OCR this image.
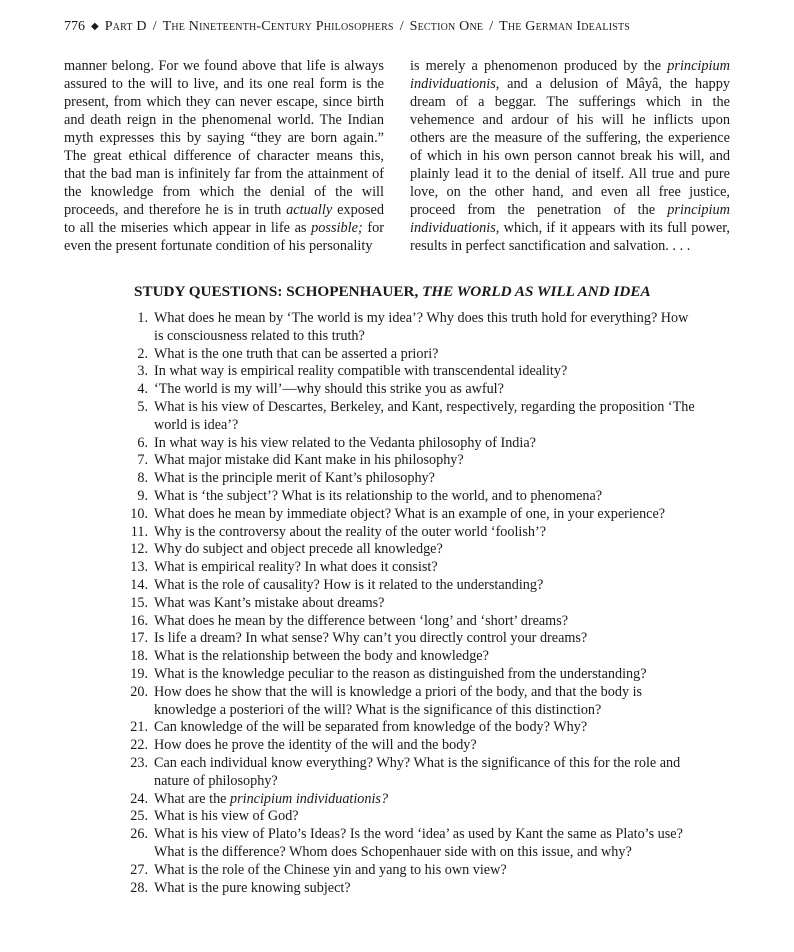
776 ◆ Part D / The Nineteenth-Century Philosophers / Section One / The German Idealists

manner belong. For we found above that life is always assured to the will to live, and its one real form is the present, from which they can never escape, since birth and death reign in the phenomenal world. The Indian myth expresses this by saying “they are born again.” The great ethical difference of character means this, that the bad man is infinitely far from the attainment of the knowledge from which the denial of the will proceeds, and therefore he is in truth actually exposed to all the miseries which appear in life as possible; for even the present fortunate condition of his personality

is merely a phenomenon produced by the principium individuationis, and a delusion of Mâyâ, the happy dream of a beggar. The sufferings which in the vehemence and ardour of his will he inflicts upon others are the measure of the suffering, the experience of which in his own person cannot break his will, and plainly lead it to the denial of itself. All true and pure love, on the other hand, and even all free justice, proceed from the penetration of the principium individuationis, which, if it appears with its full power, results in perfect sanctification and salvation. . . .

STUDY QUESTIONS: SCHOPENHAUER, THE WORLD AS WILL AND IDEA
1. What does he mean by ‘The world is my idea’? Why does this truth hold for everything? How is consciousness related to this truth?
2. What is the one truth that can be asserted a priori?
3. In what way is empirical reality compatible with transcendental ideality?
4. ‘The world is my will’—why should this strike you as awful?
5. What is his view of Descartes, Berkeley, and Kant, respectively, regarding the proposition ‘The world is idea’?
6. In what way is his view related to the Vedanta philosophy of India?
7. What major mistake did Kant make in his philosophy?
8. What is the principle merit of Kant’s philosophy?
9. What is ‘the subject’? What is its relationship to the world, and to phenomena?
10. What does he mean by immediate object? What is an example of one, in your experience?
11. Why is the controversy about the reality of the outer world ‘foolish’?
12. Why do subject and object precede all knowledge?
13. What is empirical reality? In what does it consist?
14. What is the role of causality? How is it related to the understanding?
15. What was Kant’s mistake about dreams?
16. What does he mean by the difference between ‘long’ and ‘short’ dreams?
17. Is life a dream? In what sense? Why can’t you directly control your dreams?
18. What is the relationship between the body and knowledge?
19. What is the knowledge peculiar to the reason as distinguished from the understanding?
20. How does he show that the will is knowledge a priori of the body, and that the body is knowledge a posteriori of the will? What is the significance of this distinction?
21. Can knowledge of the will be separated from knowledge of the body? Why?
22. How does he prove the identity of the will and the body?
23. Can each individual know everything? Why? What is the significance of this for the role and nature of philosophy?
24. What are the principium individuationis?
25. What is his view of God?
26. What is his view of Plato’s Ideas? Is the word ‘idea’ as used by Kant the same as Plato’s use? What is the difference? Whom does Schopenhauer side with on this issue, and why?
27. What is the role of the Chinese yin and yang to his own view?
28. What is the pure knowing subject?
